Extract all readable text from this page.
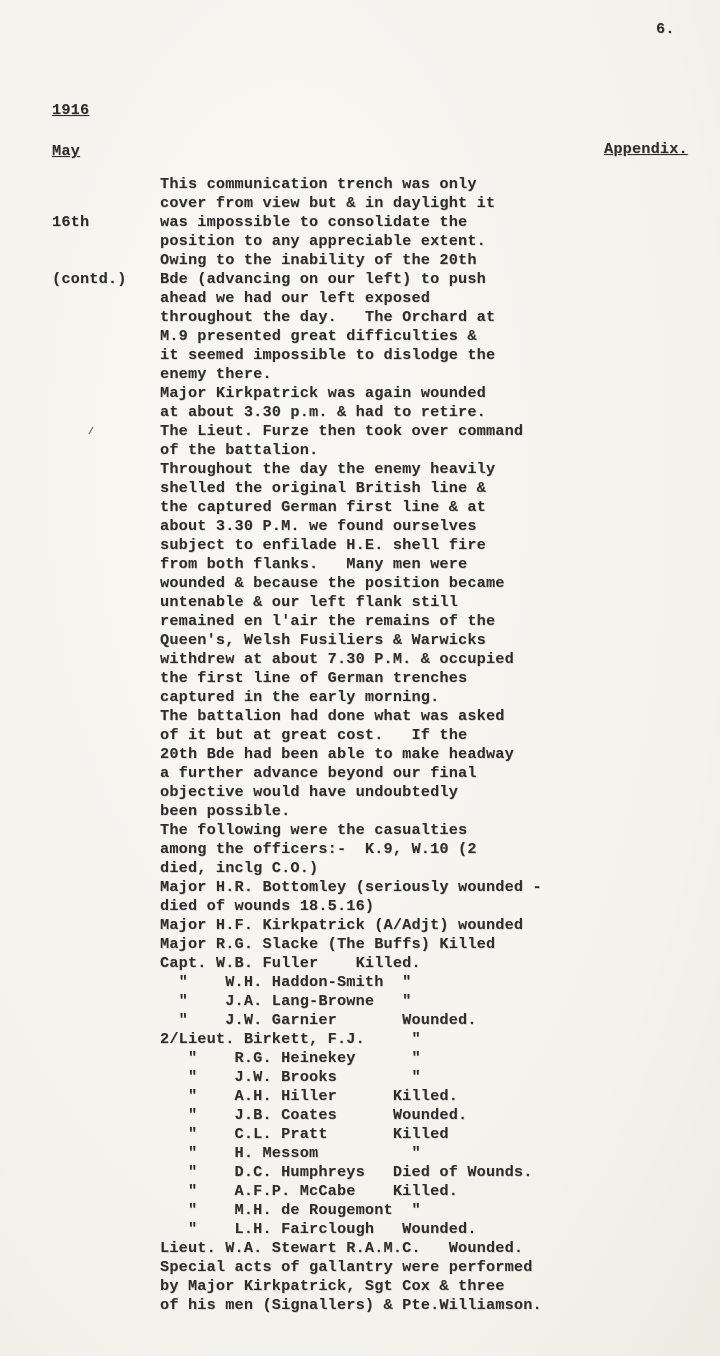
6.
1916
May	Appendix.

16th

(contd.)

This communication trench was only
cover from view but & in daylight it
was impossible to consolidate the
position to any appreciable extent.
Owing to the inability of the 20th
Bde (advancing on our left) to push
ahead we had our left exposed
throughout the day.   The Orchard at
M.9 presented great difficulties &
it seemed impossible to dislodge the
enemy there.
Major Kirkpatrick was again wounded
at about 3.30 p.m. & had to retire.
The Lieut. Furze then took over command
of the battalion.
Throughout the day the enemy heavily
shelled the original British line &
the captured German first line & at
about 3.30 P.M. we found ourselves
subject to enfilade H.E. shell fire
from both flanks.   Many men were
wounded & because the position became
untenable & our left flank still
remained en l'air the remains of the
Queen's, Welsh Fusiliers & Warwicks
withdrew at about 7.30 P.M. & occupied
the first line of German trenches
captured in the early morning.
The battalion had done what was asked
of it but at great cost.   If the
20th Bde had been able to make headway
a further advance beyond our final
objective would have undoubtedly
been possible.
The following were the casualties
among the officers:-  K.9, W.10 (2
died, inclg C.O.)
Major H.R. Bottomley (seriously wounded -
died of wounds 18.5.16)
Major H.F. Kirkpatrick (A/Adjt) wounded
Major R.G. Slacke (The Buffs) Killed
Capt. W.B. Fuller    Killed.
"    W.H. Haddon-Smith  "
"    J.A. Lang-Browne   "
"    J.W. Garnier       Wounded.
2/Lieut. Birkett, F.J.     "
"    R.G. Heinekey      "
"    J.W. Brooks        "
"    A.H. Hiller      Killed.
"    J.B. Coates      Wounded.
"    C.L. Pratt       Killed
"    H. Messom          "
"    D.C. Humphreys   Died of Wounds.
"    A.F.P. McCabe    Killed.
"    M.H. de Rougemont  "
"    L.H. Fairclough   Wounded.
Lieut. W.A. Stewart R.A.M.C.   Wounded.
Special acts of gallantry were performed
by Major Kirkpatrick, Sgt Cox & three
of his men (Signallers) & Pte.Williamson.
